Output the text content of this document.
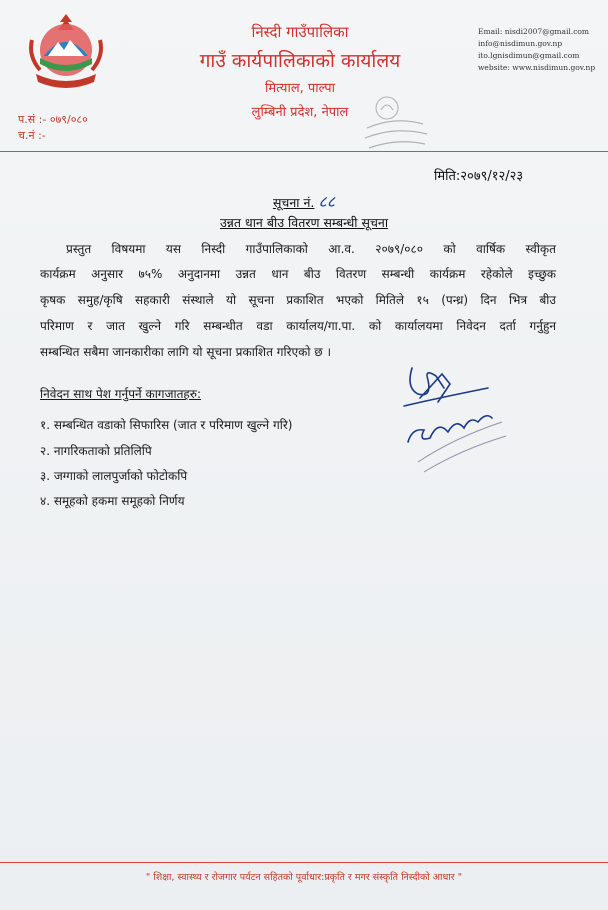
निस्दी गाउँपालिका
गाउँ कार्यपालिकाको कार्यालय
मित्याल, पाल्पा
लुम्बिनी प्रदेश, नेपाल
Email: nisdi2007@gmail.com
info@nisdimun.gov.np
ito.lgnisdimun@gmail.com
website: www.nisdimun.gov.np
प.सं :- ०७९/०८०
च.नं :-
मिति:२०७९/१२/२३
सूचना नं. ८८
उन्नत धान बीउ वितरण सम्बन्धी सूचना
प्रस्तुत विषयमा यस निस्दी गाउँपालिकाको आ.व. २०७९/०८० को वार्षिक स्वीकृत
कार्यक्रम अनुसार ७५% अनुदानमा उन्नत धान बीउ वितरण सम्बन्धी कार्यक्रम रहेकोले इच्छुक
कृषक समुह/कृषि सहकारी संस्थाले यो सूचना प्रकाशित भएको मितिले १५ (पन्ध्र) दिन भित्र बीउ
परिमाण र जात खुल्ने गरि सम्बन्धीत वडा कार्यालय/गा.पा. को कार्यालयमा निवेदन दर्ता गर्नुहुन
सम्बन्धित सबैमा जानकारीका लागि यो सूचना प्रकाशित गरिएको छ ।
निवेदन साथ पेश गर्नुपर्ने कागजातहरु:
१. सम्बन्धित वडाको सिफारिस (जात र परिमाण खुल्ने गरि)
२. नागरिकताको प्रतिलिपि
३. जग्गाको लालपुर्जाको फोटोकपि
४. समूहको हकमा समूहको निर्णय
" शिक्षा, स्वास्थ्य र रोजगार पर्यटन सहितको पूर्वाधार:प्रकृति र मगर संस्कृति निस्दीको आधार "
